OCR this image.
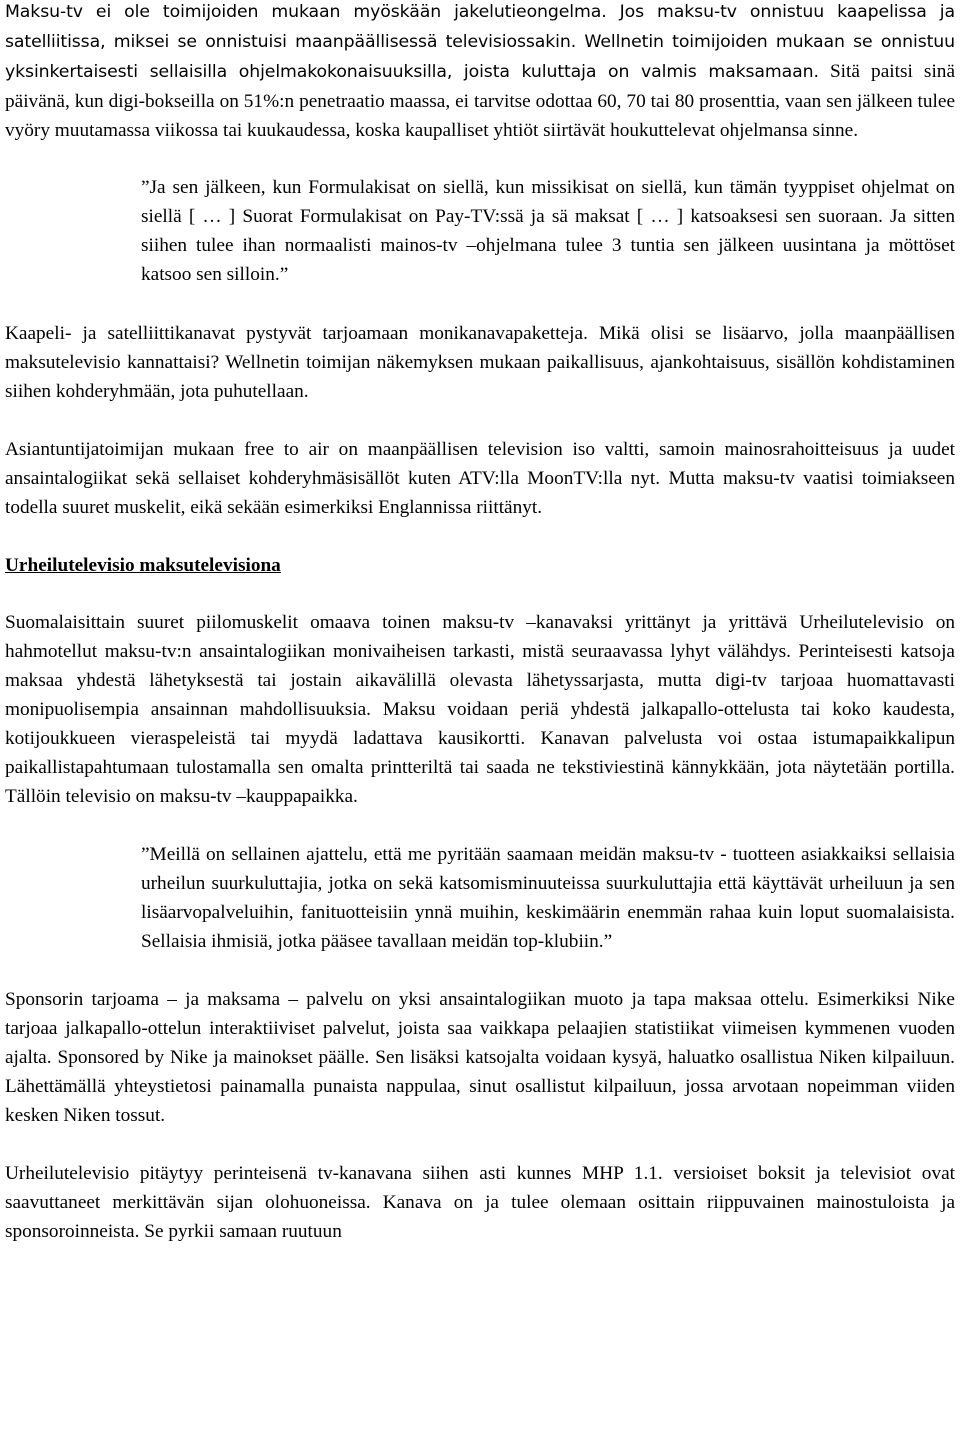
Maksu-tv ei ole toimijoiden mukaan myöskään jakelutieongelma. Jos maksu-tv onnistuu kaapelissa ja satelliitissa, miksei se onnistuisi maanpäällisessä televisiossakin. Wellnetin toimijoiden mukaan se onnistuu yksinkertaisesti sellaisilla ohjelmakokonaisuuksilla, joista kuluttaja on valmis maksamaan. Sitä paitsi sinä päivänä, kun digi-bokseilla on 51%:n penetraatio maassa, ei tarvitse odottaa 60, 70 tai 80 prosenttia, vaan sen jälkeen tulee vyöry muutamassa viikossa tai kuukaudessa, koska kaupalliset yhtiöt siirtävät houkuttelevat ohjelmansa sinne.

”Ja sen jälkeen, kun Formulakisat on siellä, kun missikisat on siellä, kun tämän tyyppiset ohjelmat on siellä [ … ] Suorat Formulakisat on Pay-TV:ssä ja sä maksat [ … ] katsoaksesi sen suoraan. Ja sitten siihen tulee ihan normaalisti mainos-tv –ohjelmana tulee 3 tuntia sen jälkeen uusintana ja möttöset katsoo sen silloin.”

Kaapeli- ja satelliittikanavat pystyvät tarjoamaan monikanavapaketteja. Mikä olisi se lisäarvo, jolla maanpäällisen maksutelevisio kannattaisi? Wellnetin toimijan näkemyksen mukaan paikallisuus, ajankohtaisuus, sisällön kohdistaminen siihen kohderyhmään, jota puhutellaan.

Asiantuntijatoimijan mukaan free to air on maanpäällisen television iso valtti, samoin mainosrahoitteisuus ja uudet ansaintalogiikat sekä sellaiset kohderyhmäsisällöt kuten ATV:lla MoonTV:lla nyt. Mutta maksu-tv vaatisi toimiakseen todella suuret muskelit, eikä sekään esimerkiksi Englannissa riittänyt.

Urheilutelevisio maksutelevisiona

Suomalaisittain suuret piilomuskelit omaava toinen maksu-tv –kanavaksi yrittänyt ja yrittävä Urheilutelevisio on hahmotellut maksu-tv:n ansaintalogiikan monivaiheisen tarkasti, mistä seuraavassa lyhyt välähdys. Perinteisesti katsoja maksaa yhdestä lähetyksestä tai jostain aikavälillä olevasta lähetyssarjasta, mutta digi-tv tarjoaa huomattavasti monipuolisempia ansainnan mahdollisuuksia. Maksu voidaan periä yhdestä jalkapallo-ottelusta tai koko kaudesta, kotijoukkueen vieraspeleistä tai myydä ladattava kausikortti. Kanavan palvelusta voi ostaa istumapaikkalipun paikallistapahtumaan tulostamalla sen omalta printteriltä tai saada ne tekstiviestinä kännykkään, jota näytetään portilla. Tällöin televisio on maksu-tv –kauppapaikka.

”Meillä on sellainen ajattelu, että me pyritään saamaan meidän maksu-tv - tuotteen asiakkaiksi sellaisia urheilun suurkuluttajia, jotka on sekä katsomisminuuteissa suurkuluttajia että käyttävät urheiluun ja sen lisäarvopalveluihin, fanituotteisiin ynnä muihin, keskimäärin enemmän rahaa kuin loput suomalaisista. Sellaisia ihmisiä, jotka pääsee tavallaan meidän top-klubiin.”

Sponsorin tarjoama – ja maksama – palvelu on yksi ansaintalogiikan muoto ja tapa maksaa ottelu. Esimerkiksi Nike tarjoaa jalkapallo-ottelun interaktiiviset palvelut, joista saa vaikkapa pelaajien statistiikat viimeisen kymmenen vuoden ajalta. Sponsored by Nike ja mainokset päälle. Sen lisäksi katsojalta voidaan kysyä, haluatko osallistua Niken kilpailuun. Lähettämällä yhteystietosi painamalla punaista nappulaa, sinut osallistut kilpailuun, jossa arvotaan nopeimman viiden kesken Niken tossut.

Urheilutelevisio pitäytyy perinteisenä tv-kanavana siihen asti kunnes MHP 1.1. versioiset boksit ja televisiot ovat saavuttaneet merkittävän sijan olohuoneissa. Kanava on ja tulee olemaan osittain riippuvainen mainostuloista ja sponsoroinneista. Se pyrkii samaan ruutuun
